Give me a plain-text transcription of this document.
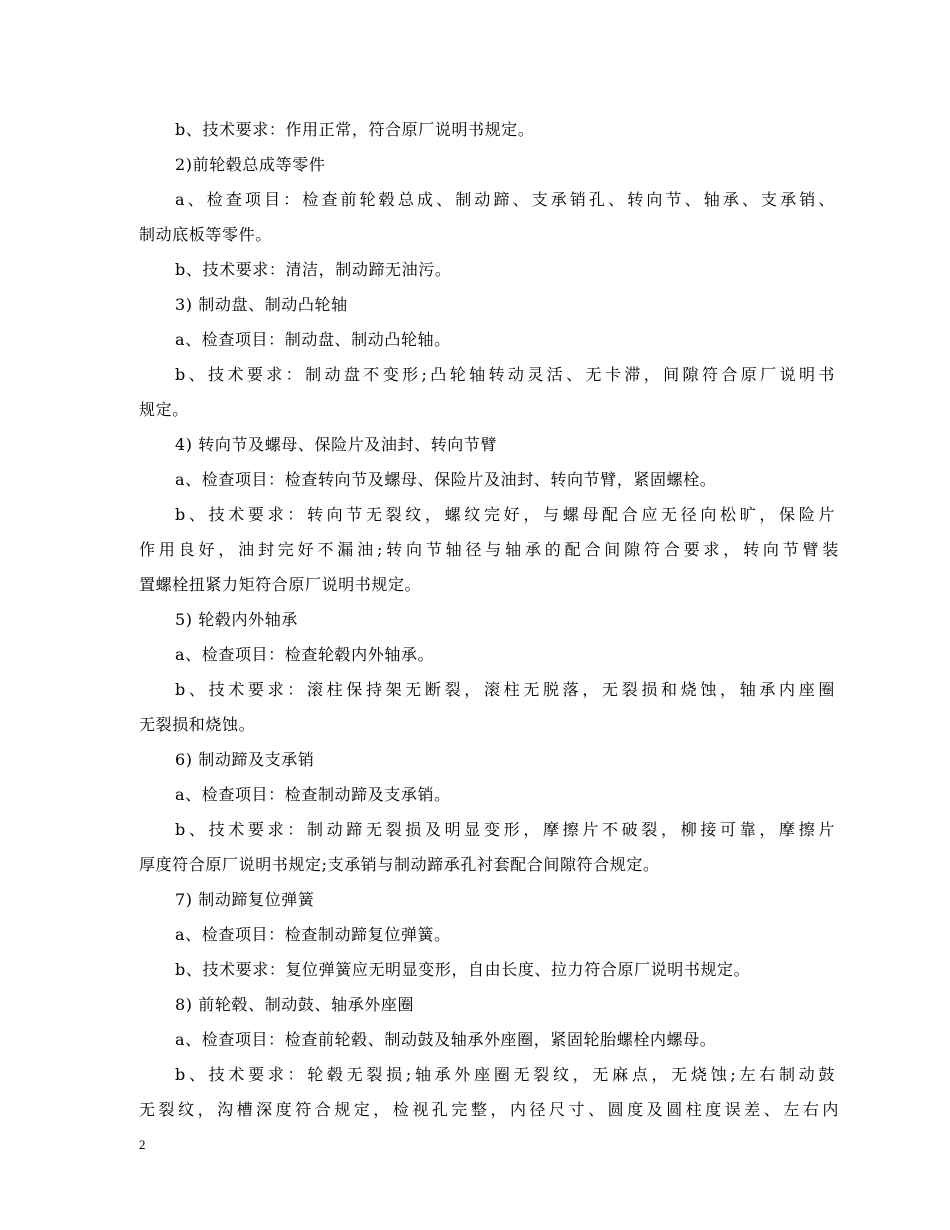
b、技术要求：作用正常，符合原厂说明书规定。
2)前轮毂总成等零件
a、检查项目：检查前轮毂总成、制动蹄、支承销孔、转向节、轴承、支承销、
制动底板等零件。
b、技术要求：清洁，制动蹄无油污。
3) 制动盘、制动凸轮轴
a、检查项目：制动盘、制动凸轮轴。
b、技术要求：制动盘不变形;凸轮轴转动灵活、无卡滞，间隙符合原厂说明书
规定。
4) 转向节及螺母、保险片及油封、转向节臂
a、检查项目：检查转向节及螺母、保险片及油封、转向节臂，紧固螺栓。
b、技术要求：转向节无裂纹，螺纹完好，与螺母配合应无径向松旷，保险片
作用良好，油封完好不漏油;转向节轴径与轴承的配合间隙符合要求，转向节臂装
置螺栓扭紧力矩符合原厂说明书规定。
5) 轮毂内外轴承
a、检查项目：检查轮毂内外轴承。
b、技术要求：滚柱保持架无断裂，滚柱无脱落，无裂损和烧蚀，轴承内座圈
无裂损和烧蚀。
6) 制动蹄及支承销
a、检查项目：检查制动蹄及支承销。
b、技术要求：制动蹄无裂损及明显变形，摩擦片不破裂，柳接可靠，摩擦片
厚度符合原厂说明书规定;支承销与制动蹄承孔衬套配合间隙符合规定。
7) 制动蹄复位弹簧
a、检查项目：检查制动蹄复位弹簧。
b、技术要求：复位弹簧应无明显变形，自由长度、拉力符合原厂说明书规定。
8) 前轮毂、制动鼓、轴承外座圈
a、检查项目：检查前轮毂、制动鼓及轴承外座圈，紧固轮胎螺栓内螺母。
b、技术要求：轮毂无裂损;轴承外座圈无裂纹，无麻点，无烧蚀;左右制动鼓
无裂纹，沟槽深度符合规定，检视孔完整，内径尺寸、圆度及圆柱度误差、左右内
2
